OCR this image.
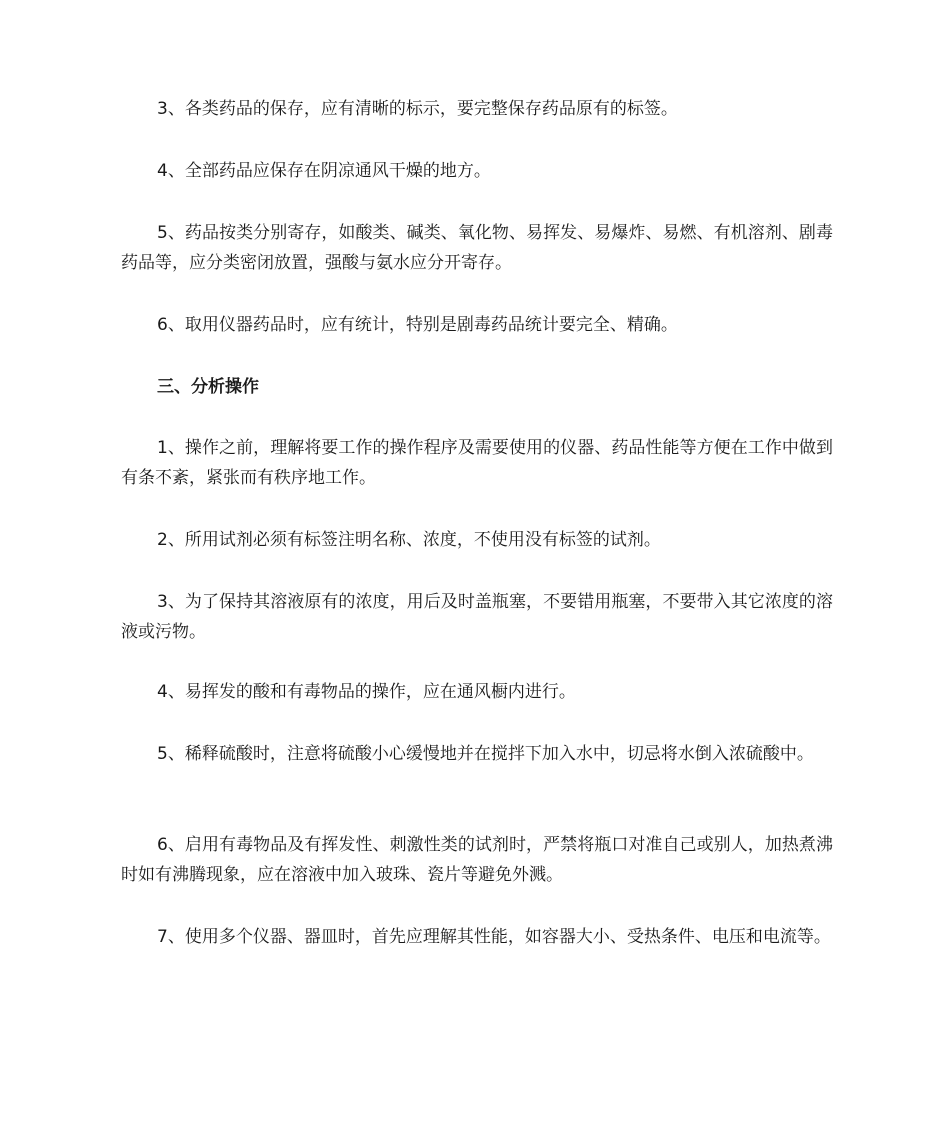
3、各类药品的保存，应有清晰的标示，要完整保存药品原有的标签。

4、全部药品应保存在阴凉通风干燥的地方。

5、药品按类分别寄存，如酸类、碱类、氧化物、易挥发、易爆炸、易燃、有机溶剂、剧毒药品等，应分类密闭放置，强酸与氨水应分开寄存。

6、取用仪器药品时，应有统计，特别是剧毒药品统计要完全、精确。

三、分析操作

1、操作之前，理解将要工作的操作程序及需要使用的仪器、药品性能等方便在工作中做到有条不紊，紧张而有秩序地工作。

2、所用试剂必须有标签注明名称、浓度，不使用没有标签的试剂。

3、为了保持其溶液原有的浓度，用后及时盖瓶塞，不要错用瓶塞，不要带入其它浓度的溶液或污物。

4、易挥发的酸和有毒物品的操作，应在通风橱内进行。

5、稀释硫酸时，注意将硫酸小心缓慢地并在搅拌下加入水中，切忌将水倒入浓硫酸中。

6、启用有毒物品及有挥发性、刺激性类的试剂时，严禁将瓶口对准自己或别人，加热煮沸时如有沸腾现象，应在溶液中加入玻珠、瓷片等避免外溅。

7、使用多个仪器、器皿时，首先应理解其性能，如容器大小、受热条件、电压和电流等。
